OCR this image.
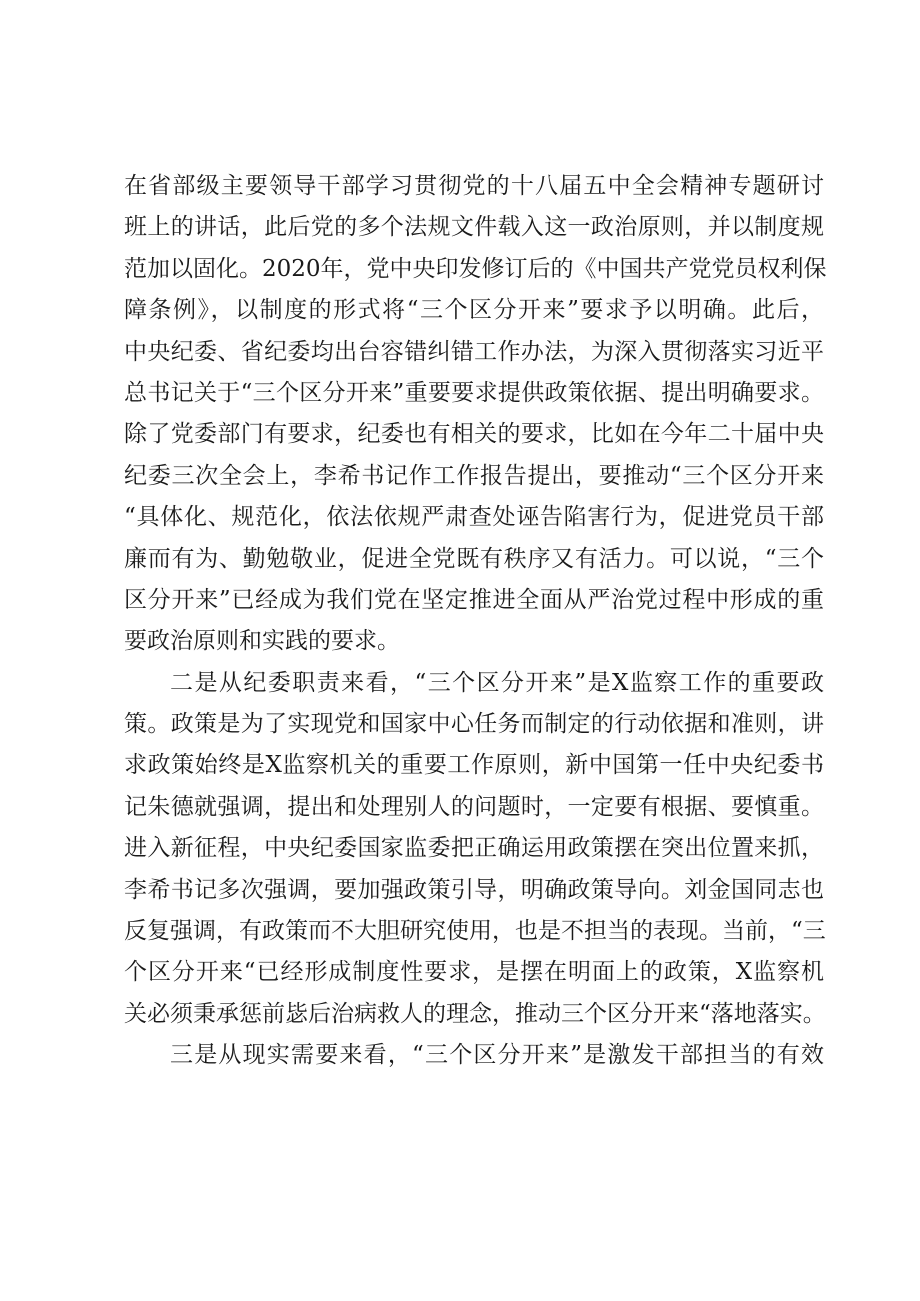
在省部级主要领导干部学习贯彻党的十八届五中全会精神专题研讨
班上的讲话，此后党的多个法规文件载入这一政治原则，并以制度规
范加以固化。2020年，党中央印发修订后的《中国共产党党员权利保
障条例》，以制度的形式将“三个区分开来”要求予以明确。此后，
中央纪委、省纪委均出台容错纠错工作办法，为深入贯彻落实习近平
总书记关于“三个区分开来”重要要求提供政策依据、提出明确要求。
除了党委部门有要求，纪委也有相关的要求，比如在今年二十届中央
纪委三次全会上，李希书记作工作报告提出，要推动“三个区分开来
“具体化、规范化，依法依规严肃查处诬告陷害行为，促进党员干部
廉而有为、勤勉敬业，促进全党既有秩序又有活力。可以说，“三个
区分开来”已经成为我们党在坚定推进全面从严治党过程中形成的重
要政治原则和实践的要求。
二是从纪委职责来看，“三个区分开来”是X监察工作的重要政
策。政策是为了实现党和国家中心任务而制定的行动依据和准则，讲
求政策始终是X监察机关的重要工作原则，新中国第一任中央纪委书
记朱德就强调，提出和处理别人的问题时，一定要有根据、要慎重。
进入新征程，中央纪委国家监委把正确运用政策摆在突出位置来抓，
李希书记多次强调，要加强政策引导，明确政策导向。刘金国同志也
反复强调，有政策而不大胆研究使用，也是不担当的表现。当前，“三
个区分开来“已经形成制度性要求，是摆在明面上的政策，X监察机
关必须秉承惩前毖后治病救人的理念，推动三个区分开来“落地落实。
三是从现实需要来看，“三个区分开来”是激发干部担当的有效
